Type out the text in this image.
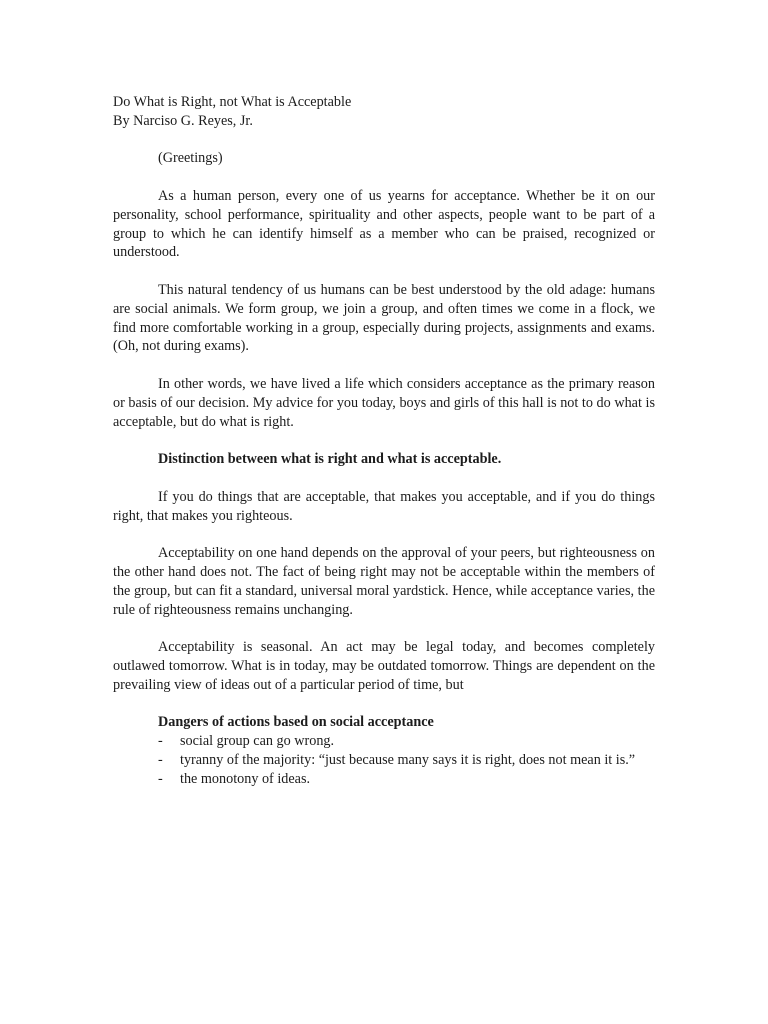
Do What is Right, not What is Acceptable

By Narciso G. Reyes, Jr.

(Greetings)

As a human person, every one of us yearns for acceptance. Whether be it on our personality, school performance, spirituality and other aspects, people want to be part of a group to which he can identify himself as a member who can be praised, recognized or understood.

This natural tendency of us humans can be best understood by the old adage: humans are social animals. We form group, we join a group, and often times we come in a flock, we find more comfortable working in a group, especially during projects, assignments and exams. (Oh, not during exams).

In other words, we have lived a life which considers acceptance as the primary reason or basis of our decision. My advice for you today, boys and girls of this hall is not to do what is acceptable, but do what is right.

Distinction between what is right and what is acceptable.

If you do things that are acceptable, that makes you acceptable, and if you do things right, that makes you righteous.

Acceptability on one hand depends on the approval of your peers, but righteousness on the other hand does not. The fact of being right may not be acceptable within the members of the group, but can fit a standard, universal moral yardstick. Hence, while acceptance varies, the rule of righteousness remains unchanging.

Acceptability is seasonal. An act may be legal today, and becomes completely outlawed tomorrow. What is in today, may be outdated tomorrow. Things are dependent on the prevailing view of ideas out of a particular period of time, but

Dangers of actions based on social acceptance

- social group can go wrong.
- tyranny of the majority: “just because many says it is right, does not mean it is.”
- the monotony of ideas.
